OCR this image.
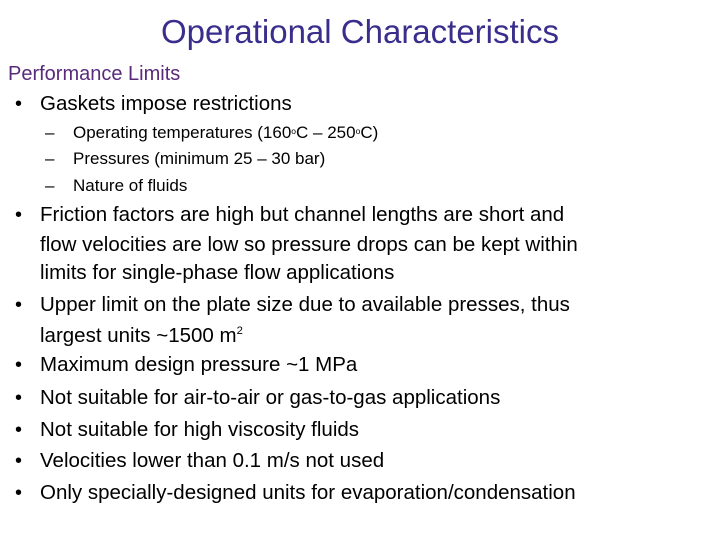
Operational Characteristics
Performance Limits
• Gaskets impose restrictions
– Operating temperatures $(160_oC - 250_oC)$
– Pressures (minimum 25 – 30 bar)
– Nature of fluids
• Friction factors are high but channel lengths are short and
flow velocities are low so pressure drops can be kept within
limits for single-phase flow applications
• Upper limit on the plate size due to available presses, thus
largest units ~1500 $m^2$
• Maximum design pressure ~1 MPa
• Not suitable for air-to-air or gas-to-gas applications
• Not suitable for high viscosity fluids
• Velocities lower than 0.1 m/s not used
• Only specially-designed units for evaporation/condensation
